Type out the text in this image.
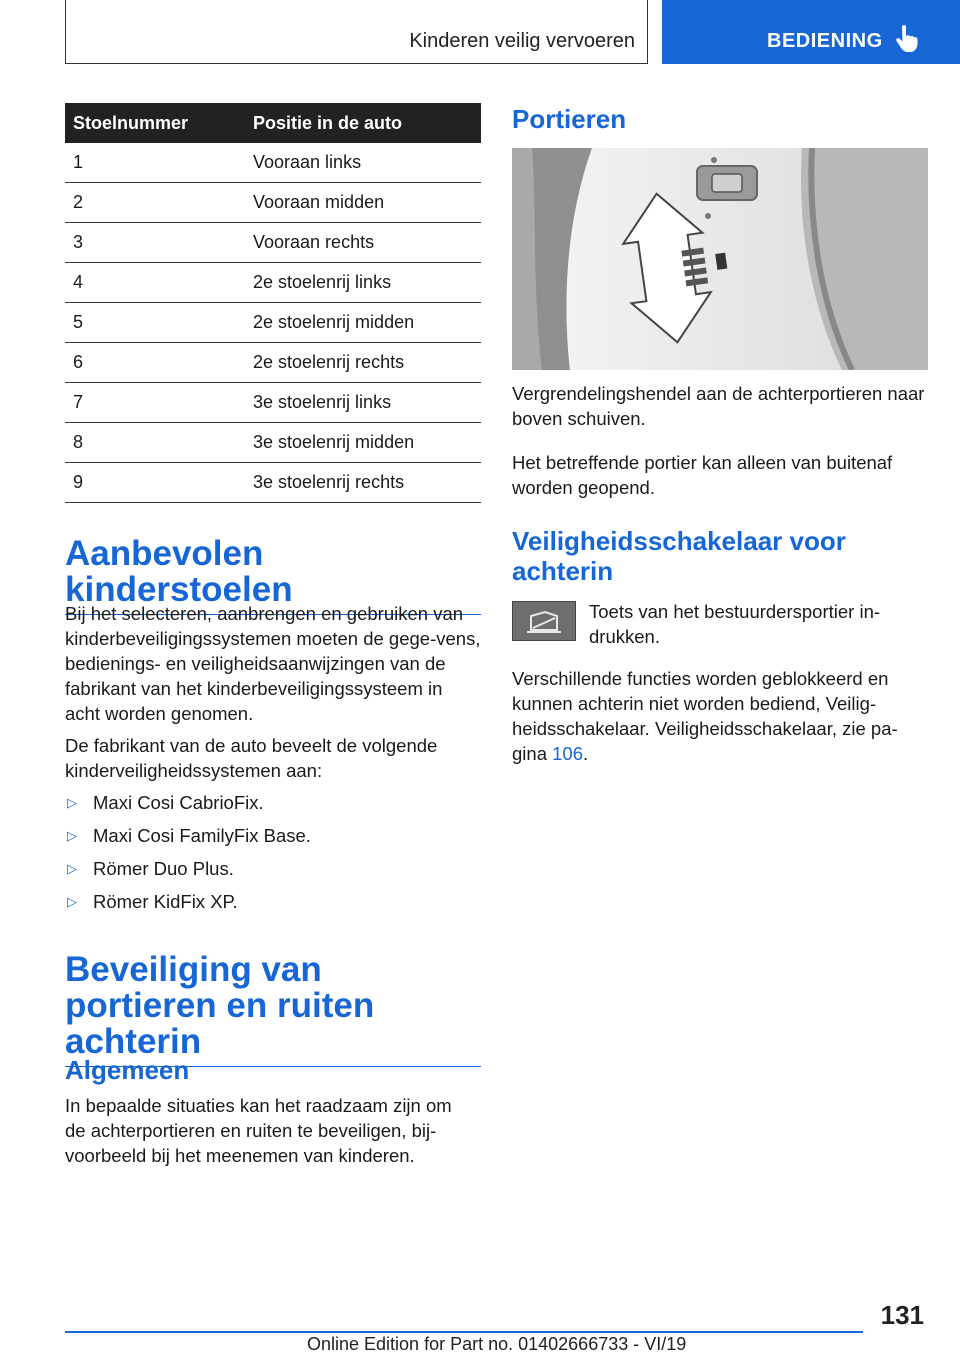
Kinderen veilig vervoeren	BEDIENING
Stoelnummer	Positie in de auto
1	Vooraan links
2	Vooraan midden
3	Vooraan rechts
4	2e stoelenrij links
5	2e stoelenrij midden
6	2e stoelenrij rechts
7	3e stoelenrij links
8	3e stoelenrij midden
9	3e stoelenrij rechts
Aanbevolen kinderstoelen

Bij het selecteren, aanbrengen en gebruiken van kinderbeveiligingssystemen moeten de gege-vens, bedienings- en veiligheidsaanwijzingen van de fabrikant van het kinderbeveiligingssysteem in acht worden genomen.

De fabrikant van de auto beveelt de volgende kinderveiligheidssystemen aan:

▷ Maxi Cosi CabrioFix.
▷ Maxi Cosi FamilyFix Base.
▷ Römer Duo Plus.
▷ Römer KidFix XP.
Beveiliging van portieren en ruiten achterin
Algemeen

In bepaalde situaties kan het raadzaam zijn om de achterportieren en ruiten te beveiligen, bij-voorbeeld bij het meenemen van kinderen.

Portieren

Vergrendelingshendel aan de achterportieren naar boven schuiven.

Het betreffende portier kan alleen van buitenaf worden geopend.

Veiligheidsschakelaar voor achterin

Toets van het bestuurdersportier in-drukken.

Verschillende functies worden geblokkeerd en kunnen achterin niet worden bediend, Veilig-heidsschakelaar. Veiligheidsschakelaar, zie pa-gina 106.

131
Online Edition for Part no. 01402666733 - VI/19
